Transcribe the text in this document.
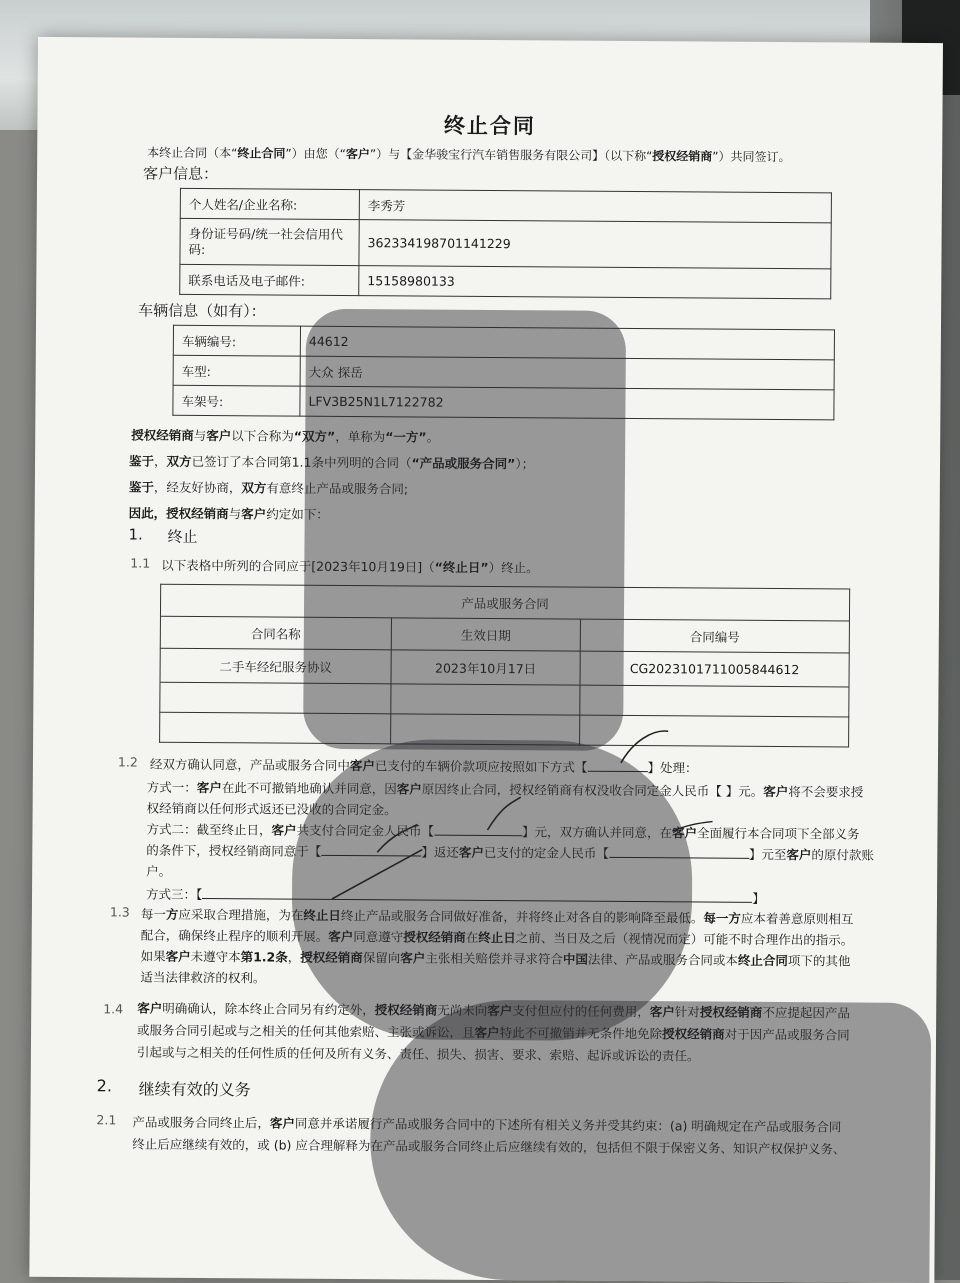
终止合同
本终止合同（本“终止合同”）由您（“客户”）与【金华骏宝行汽车销售服务有限公司】（以下称“授权经销商”）共同签订。
客户信息：
个人姓名/企业名称:	李秀芳
身份证号码/统一社会信用代码:	362334198701141229
联系电话及电子邮件:	15158980133
车辆信息（如有）：
车辆编号:	44612
车型:	大众 探岳
车架号:	LFV3B25N1L7122782
授权经销商与客户以下合称为“双方”，单称为“一方”。
鉴于，双方已签订了本合同第1.1条中列明的合同（“产品或服务合同”）；
鉴于，经友好协商，双方有意终止产品或服务合同;
因此，授权经销商与客户约定如下：
1. 终止
1.1 以下表格中所列的合同应于[2023年10月19日]（“终止日”）终止。
产品或服务合同		
合同名称	生效日期	合同编号
二手车经纪服务协议	2023年10月17日	CG2023101711005844612

1.2 经双方确认同意，产品或服务合同中客户已支付的车辆价款项应按照如下方式【	】处理：
方式一：客户在此不可撤销地确认并同意，因客户原因终止合同，授权经销商有权没收合同定金人民币【 】元。客户将不会要求授
权经销商以任何形式返还已没收的合同定金。
方式二：截至终止日，客户共支付合同定金人民币【	】元，双方确认并同意，在客户全面履行本合同项下全部义务
的条件下，授权经销商同意于【	】返还客户已支付的定金人民币【	】元至客户的原付款账
户。
方式三：【	】
1.3 每一方应采取合理措施，为在终止日终止产品或服务合同做好准备，并将终止对各自的影响降至最低。每一方应本着善意原则相互
配合，确保终止程序的顺利开展。客户同意遵守授权经销商在终止日之前、当日及之后（视情况而定）可能不时合理作出的指示。
如果客户未遵守本第1.2条，授权经销商保留向客户主张相关赔偿并寻求符合中国法律、产品或服务合同或本终止合同项下的其他
适当法律救济的权利。
1.4 客户明确确认，除本终止合同另有约定外，授权经销商无尚未向客户支付但应付的任何费用，客户针对授权经销商不应提起因产品
或服务合同引起或与之相关的任何其他索赔、主张或诉讼，且客户特此不可撤销并无条件地免除授权经销商对于因产品或服务合同
引起或与之相关的任何性质的任何及所有义务、责任、损失、损害、要求、索赔、起诉或诉讼的责任。
2. 继续有效的义务
2.1 产品或服务合同终止后，客户同意并承诺履行产品或服务合同中的下述所有相关义务并受其约束：(a) 明确规定在产品或服务合同
终止后应继续有效的，或 (b) 应合理解释为在产品或服务合同终止后应继续有效的，包括但不限于保密义务、知识产权保护义务、
